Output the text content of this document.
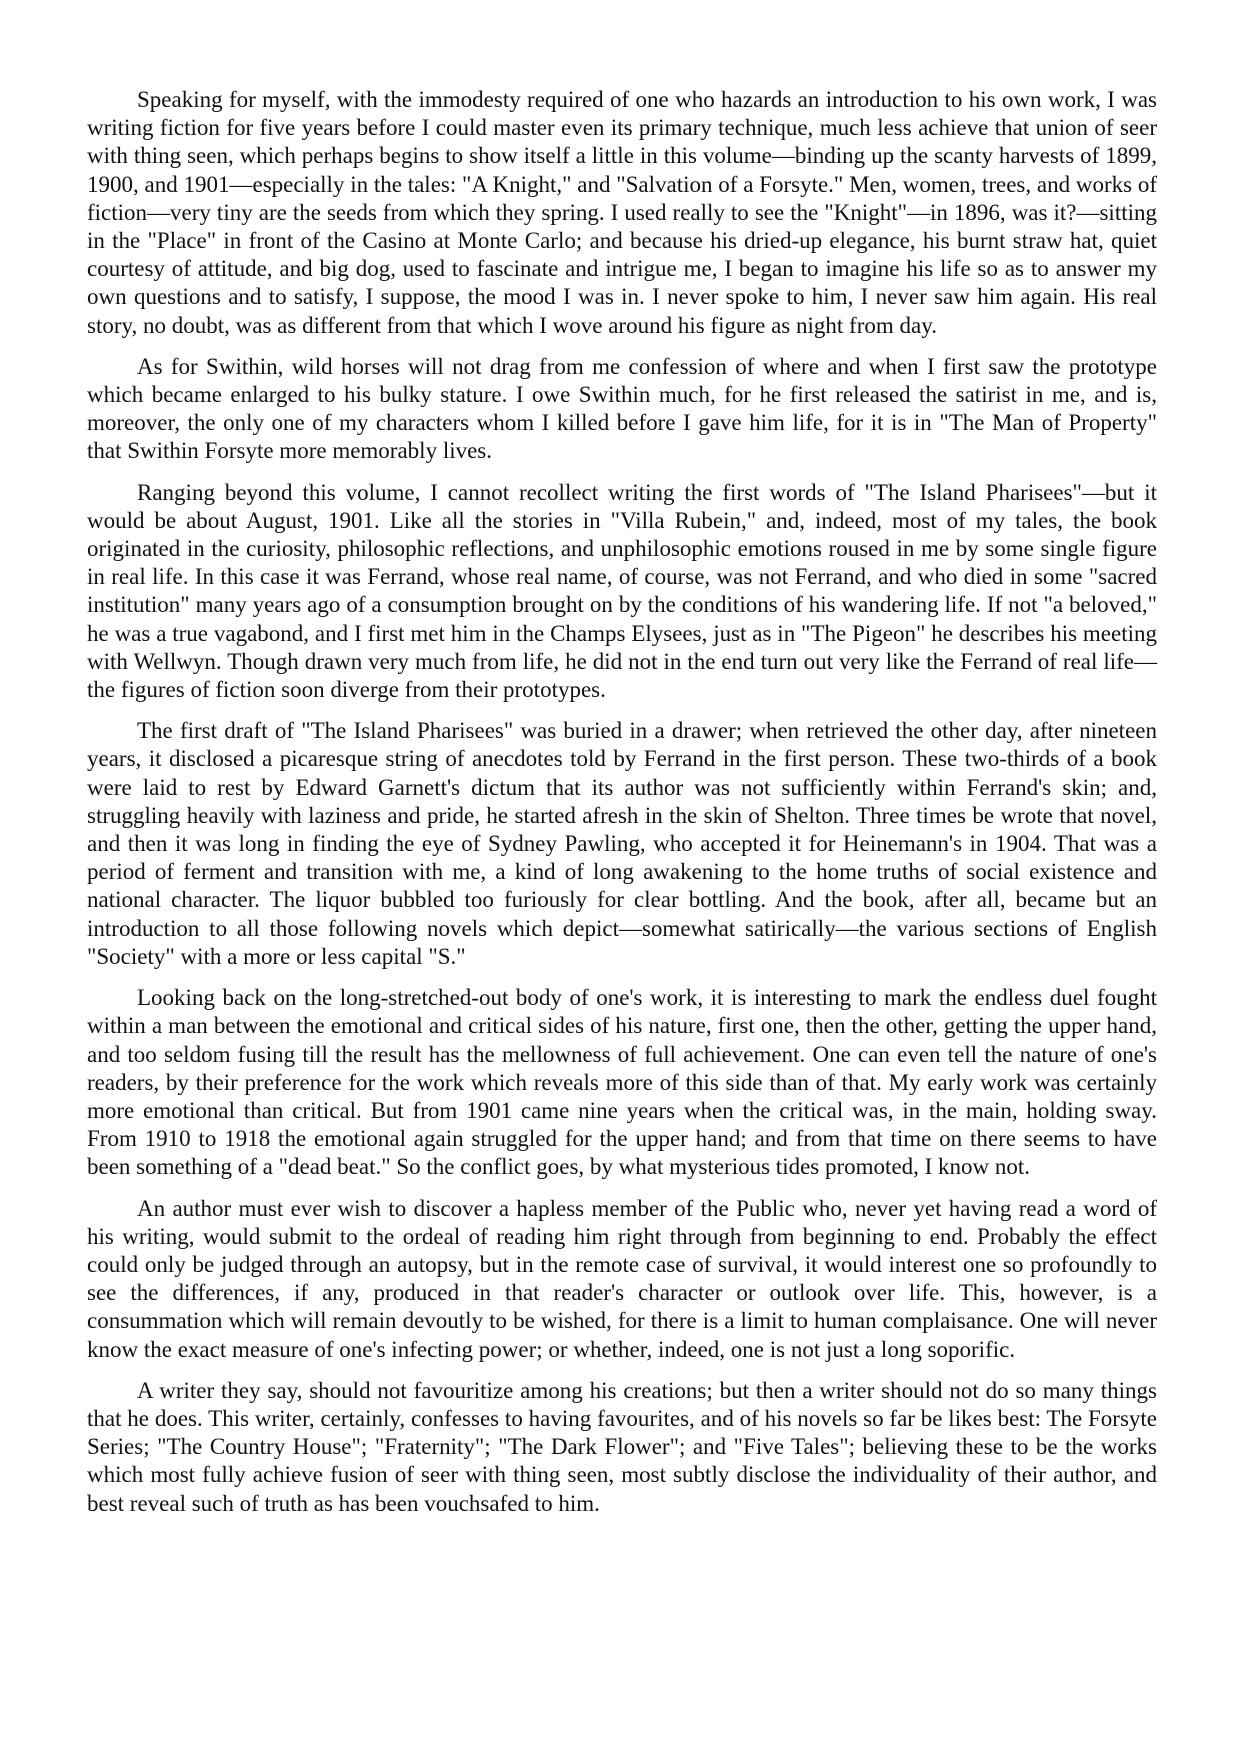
Speaking for myself, with the immodesty required of one who hazards an introduction to his own work, I was writing fiction for five years before I could master even its primary technique, much less achieve that union of seer with thing seen, which perhaps begins to show itself a little in this volume—binding up the scanty harvests of 1899, 1900, and 1901—especially in the tales: "A Knight," and "Salvation of a Forsyte." Men, women, trees, and works of fiction—very tiny are the seeds from which they spring. I used really to see the "Knight"—in 1896, was it?—sitting in the "Place" in front of the Casino at Monte Carlo; and because his dried-up elegance, his burnt straw hat, quiet courtesy of attitude, and big dog, used to fascinate and intrigue me, I began to imagine his life so as to answer my own questions and to satisfy, I suppose, the mood I was in. I never spoke to him, I never saw him again. His real story, no doubt, was as different from that which I wove around his figure as night from day.

As for Swithin, wild horses will not drag from me confession of where and when I first saw the prototype which became enlarged to his bulky stature. I owe Swithin much, for he first released the satirist in me, and is, moreover, the only one of my characters whom I killed before I gave him life, for it is in "The Man of Property" that Swithin Forsyte more memorably lives.

Ranging beyond this volume, I cannot recollect writing the first words of "The Island Pharisees"—but it would be about August, 1901. Like all the stories in "Villa Rubein," and, indeed, most of my tales, the book originated in the curiosity, philosophic reflections, and unphilosophic emotions roused in me by some single figure in real life. In this case it was Ferrand, whose real name, of course, was not Ferrand, and who died in some "sacred institution" many years ago of a consumption brought on by the conditions of his wandering life. If not "a beloved," he was a true vagabond, and I first met him in the Champs Elysees, just as in "The Pigeon" he describes his meeting with Wellwyn. Though drawn very much from life, he did not in the end turn out very like the Ferrand of real life—the figures of fiction soon diverge from their prototypes.

The first draft of "The Island Pharisees" was buried in a drawer; when retrieved the other day, after nineteen years, it disclosed a picaresque string of anecdotes told by Ferrand in the first person. These two-thirds of a book were laid to rest by Edward Garnett's dictum that its author was not sufficiently within Ferrand's skin; and, struggling heavily with laziness and pride, he started afresh in the skin of Shelton. Three times be wrote that novel, and then it was long in finding the eye of Sydney Pawling, who accepted it for Heinemann's in 1904. That was a period of ferment and transition with me, a kind of long awakening to the home truths of social existence and national character. The liquor bubbled too furiously for clear bottling. And the book, after all, became but an introduction to all those following novels which depict—somewhat satirically—the various sections of English "Society" with a more or less capital "S."

Looking back on the long-stretched-out body of one's work, it is interesting to mark the endless duel fought within a man between the emotional and critical sides of his nature, first one, then the other, getting the upper hand, and too seldom fusing till the result has the mellowness of full achievement. One can even tell the nature of one's readers, by their preference for the work which reveals more of this side than of that. My early work was certainly more emotional than critical. But from 1901 came nine years when the critical was, in the main, holding sway. From 1910 to 1918 the emotional again struggled for the upper hand; and from that time on there seems to have been something of a "dead beat." So the conflict goes, by what mysterious tides promoted, I know not.

An author must ever wish to discover a hapless member of the Public who, never yet having read a word of his writing, would submit to the ordeal of reading him right through from beginning to end. Probably the effect could only be judged through an autopsy, but in the remote case of survival, it would interest one so profoundly to see the differences, if any, produced in that reader's character or outlook over life. This, however, is a consummation which will remain devoutly to be wished, for there is a limit to human complaisance. One will never know the exact measure of one's infecting power; or whether, indeed, one is not just a long soporific.

A writer they say, should not favouritize among his creations; but then a writer should not do so many things that he does. This writer, certainly, confesses to having favourites, and of his novels so far be likes best: The Forsyte Series; "The Country House"; "Fraternity"; "The Dark Flower"; and "Five Tales"; believing these to be the works which most fully achieve fusion of seer with thing seen, most subtly disclose the individuality of their author, and best reveal such of truth as has been vouchsafed to him.
